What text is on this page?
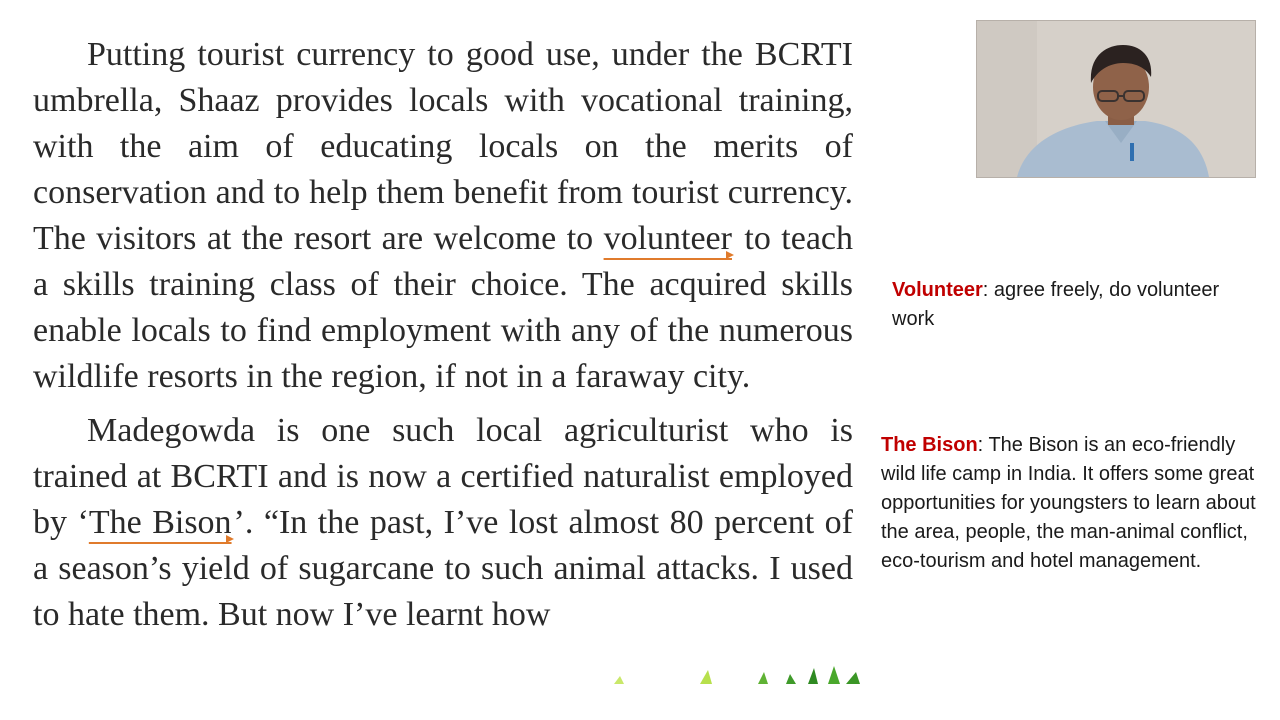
Putting tourist currency to good use, under the BCRTI umbrella, Shaaz provides locals with vocational training, with the aim of educating locals on the merits of conservation and to help them benefit from tourist currency. The visitors at the resort are welcome to volunteer to teach a skills training class of their choice. The acquired skills enable locals to find employment with any of the numerous wildlife resorts in the region, if not in a faraway city.

Madegowda is one such local agriculturist who is trained at BCRTI and is now a certified naturalist employed by ‘The Bison’. “In the past, I’ve lost almost 80 percent of a season’s yield of sugarcane to such animal attacks. I used to hate them. But now I’ve learnt how

Volunteer: agree freely, do volunteer work
The Bison: The Bison is an eco-friendly wild life camp in India. It offers some great opportunities for youngsters to learn about the area, people, the man-animal conflict, eco-tourism and hotel management.
